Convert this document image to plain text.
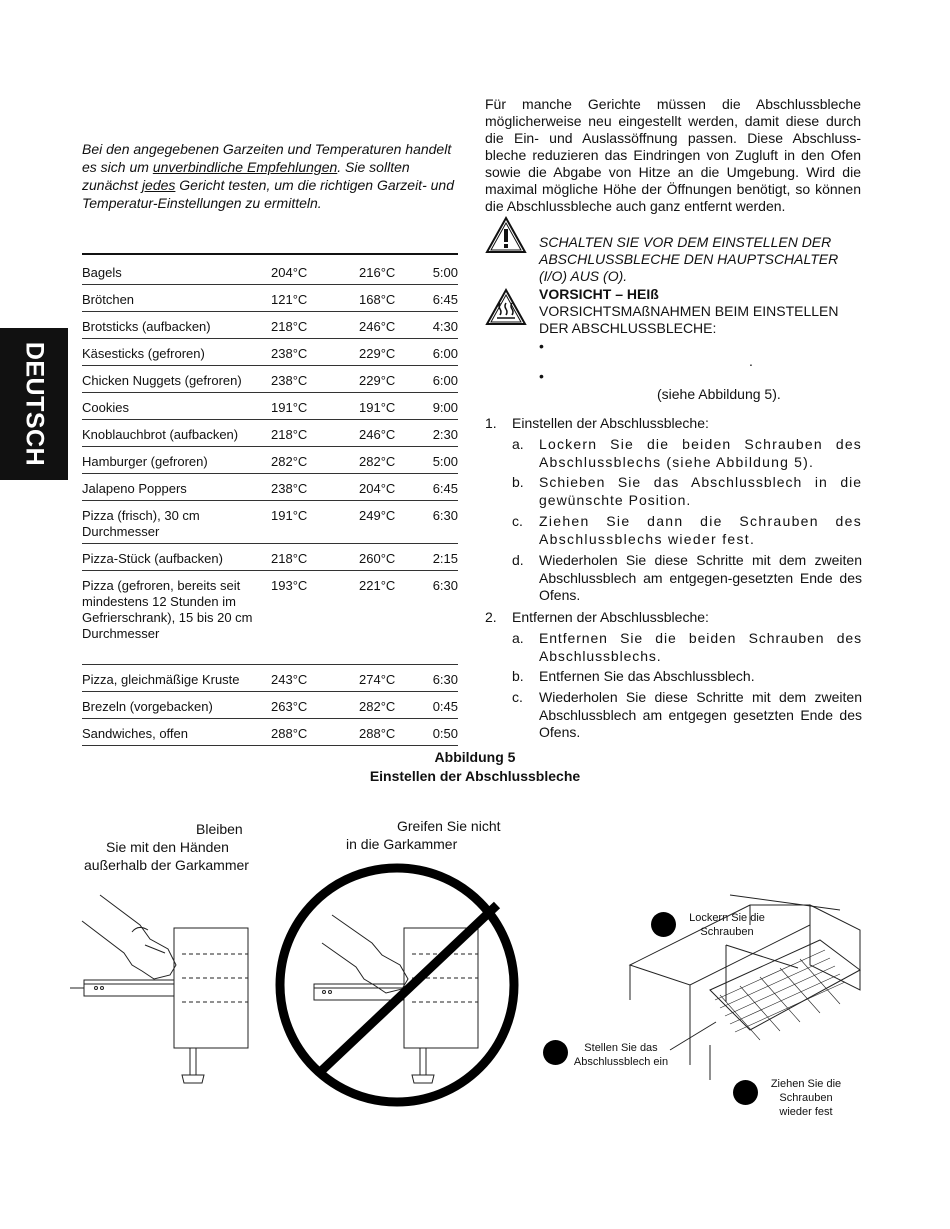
DEUTSCH
Bei den angegebenen Garzeiten und Temperaturen handelt es sich um unverbindliche Empfehlungen. Sie sollten zunächst jedes Gericht testen, um die richtigen Garzeit- und Temperatur-Einstellungen zu ermitteln.
Bagels	204°C	216°C	5:00
Brötchen	121°C	168°C	6:45
Brotsticks (aufbacken)	218°C	246°C	4:30
Käsesticks (gefroren)	238°C	229°C	6:00
Chicken Nuggets (gefroren)	238°C	229°C	6:00
Cookies	191°C	191°C	9:00
Knoblauchbrot (aufbacken)	218°C	246°C	2:30
Hamburger (gefroren)	282°C	282°C	5:00
Jalapeno Poppers	238°C	204°C	6:45
Pizza (frisch), 30 cm Durchmesser	191°C	249°C	6:30
Pizza-Stück (aufbacken)	218°C	260°C	2:15
Pizza (gefroren, bereits seit mindestens 12 Stunden im Gefrierschrank), 15 bis 20 cm Durchmesser	193°C	221°C	6:30
Pizza, gleichmäßige Kruste	243°C	274°C	6:30
Brezeln (vorgebacken)	263°C	282°C	0:45
Sandwiches, offen	288°C	288°C	0:50
Für manche Gerichte müssen die Abschlussbleche möglicherweise neu eingestellt werden, damit diese durch die Ein- und Auslassöffnung passen. Diese Abschluss-bleche reduzieren das Eindringen von Zugluft in den Ofen sowie die Abgabe von Hitze an die Umgebung. Wird die maximal mögliche Höhe der Öffnungen benötigt, so können die Abschlussbleche auch ganz entfernt werden.
SCHALTEN SIE VOR DEM EINSTELLEN DER ABSCHLUSSBLECHE DEN HAUPTSCHALTER (I/O) AUS (O).
VORSICHT – HEIß
VORSICHTSMAßNAHMEN BEIM EINSTELLEN DER ABSCHLUSSBLECHE:
•
.
•
(siehe Abbildung 5).
1. Einstellen der Abschlussbleche:
a. Lockern Sie die beiden Schrauben des Abschlussblechs (siehe Abbildung 5).
b. Schieben Sie das Abschlussblech in die gewünschte Position.
c. Ziehen Sie dann die Schrauben des Abschlussblechs wieder fest.
d. Wiederholen Sie diese Schritte mit dem zweiten Abschlussblech am entgegen-gesetzten Ende des Ofens.
2. Entfernen der Abschlussbleche:
a. Entfernen Sie die beiden Schrauben des Abschlussblechs.
b. Entfernen Sie das Abschlussblech.
c. Wiederholen Sie diese Schritte mit dem zweiten Abschlussblech am entgegen gesetzten Ende des Ofens.
Abbildung 5
Einstellen der Abschlussbleche
Bleiben
Sie mit den Händen
außerhalb der Garkammer
Greifen Sie nicht
in die Garkammer
Lockern Sie die
Schrauben
Stellen Sie das
Abschlussblech ein
Ziehen Sie die
Schrauben
wieder fest
